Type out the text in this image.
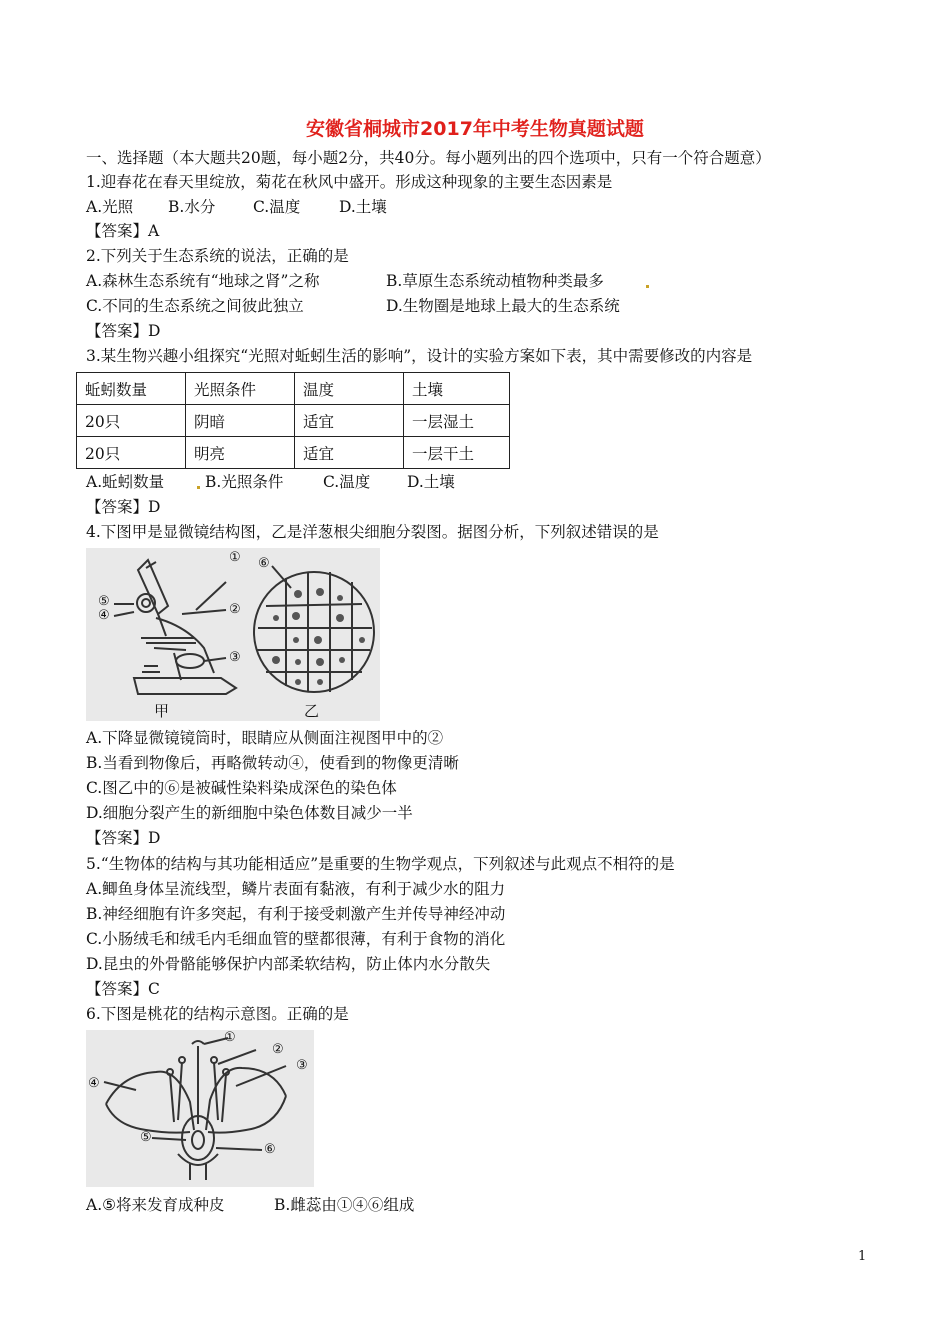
安徽省桐城市2017年中考生物真题试题
一、选择题（本大题共20题，每小题2分，共40分。每小题列出的四个选项中，只有一个符合题意）
1.迎春花在春天里绽放，菊花在秋风中盛开。形成这种现象的主要生态因素是
A.光照 B.水分 C.温度	D.土壤
【答案】A
2.下列关于生态系统的说法，正确的是
A.森林生态系统有“地球之肾”之称	B.草原生态系统动植物种类最多
C.不同的生态系统之间彼此独立	D.生物圈是地球上最大的生态系统
【答案】D
3.某生物兴趣小组探究“光照对蚯蚓生活的影响”，设计的实验方案如下表，其中需要修改的内容是
蚯蚓数量	光照条件	温度	土壤
20只	阴暗	适宜	一层湿土
20只	明亮	适宜	一层干土
A.蚯蚓数量	B.光照条件	C.温度 D.土壤
【答案】D
4.下图甲是显微镜结构图，乙是洋葱根尖细胞分裂图。据图分析，下列叙述错误的是
①
②
③
④
⑤
⑥
甲	乙
A.下降显微镜镜筒时，眼睛应从侧面注视图甲中的②
B.当看到物像后，再略微转动④，使看到的物像更清晰
C.图乙中的⑥是被碱性染料染成深色的染色体
D.细胞分裂产生的新细胞中染色体数目减少一半
【答案】D
5.“生物体的结构与其功能相适应”是重要的生物学观点，下列叙述与此观点不相符的是
A.鲫鱼身体呈流线型，鳞片表面有黏液，有利于减少水的阻力
B.神经细胞有许多突起，有利于接受刺激产生并传导神经冲动
C.小肠绒毛和绒毛内毛细血管的壁都很薄，有利于食物的消化
D.昆虫的外骨骼能够保护内部柔软结构，防止体内水分散失
【答案】C
6.下图是桃花的结构示意图。正确的是
①
②
③
④
⑤
⑥
A.⑤将来发育成种皮	B.雌蕊由①④⑥组成
1
